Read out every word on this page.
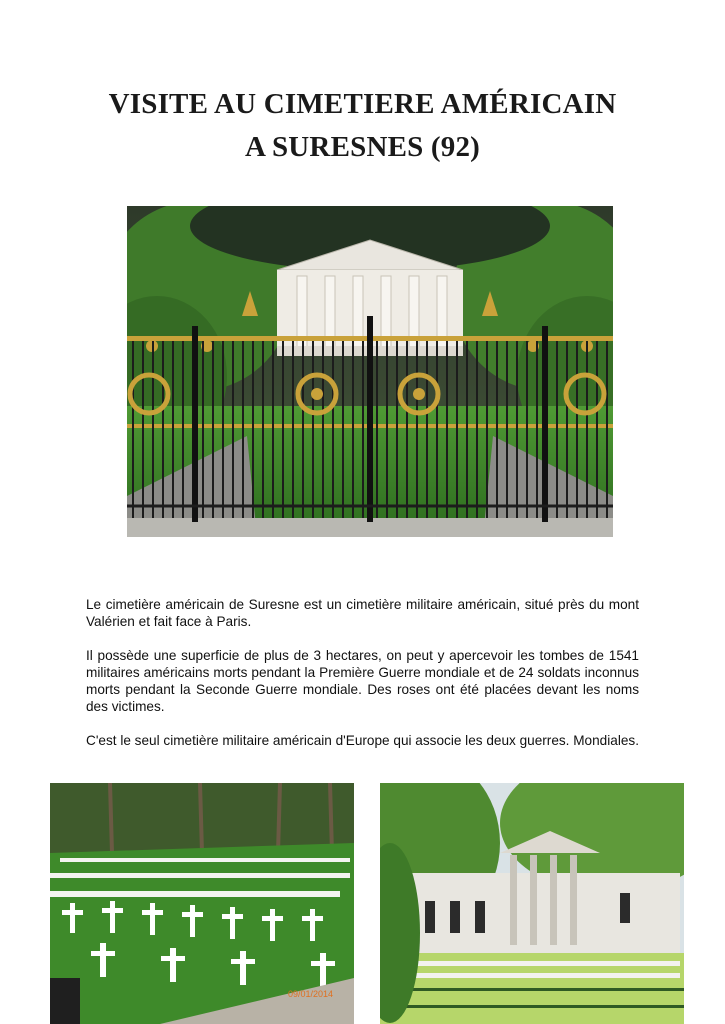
VISITE AU CIMETIERE AMÉRICAIN
A SURESNES (92)

Le cimetière américain de Suresne est un cimetière militaire américain, situé près du mont Valérien et fait face à Paris.

Il possède une superficie de plus de 3 hectares, on peut y apercevoir les tombes de 1541 militaires américains morts pendant la Première Guerre mondiale et de 24 soldats inconnus morts pendant la Seconde Guerre mondiale. Des roses ont été placées devant les noms des victimes.

C'est le seul cimetière militaire américain d'Europe qui associe les deux guerres. Mondiales.

09/01/2014
